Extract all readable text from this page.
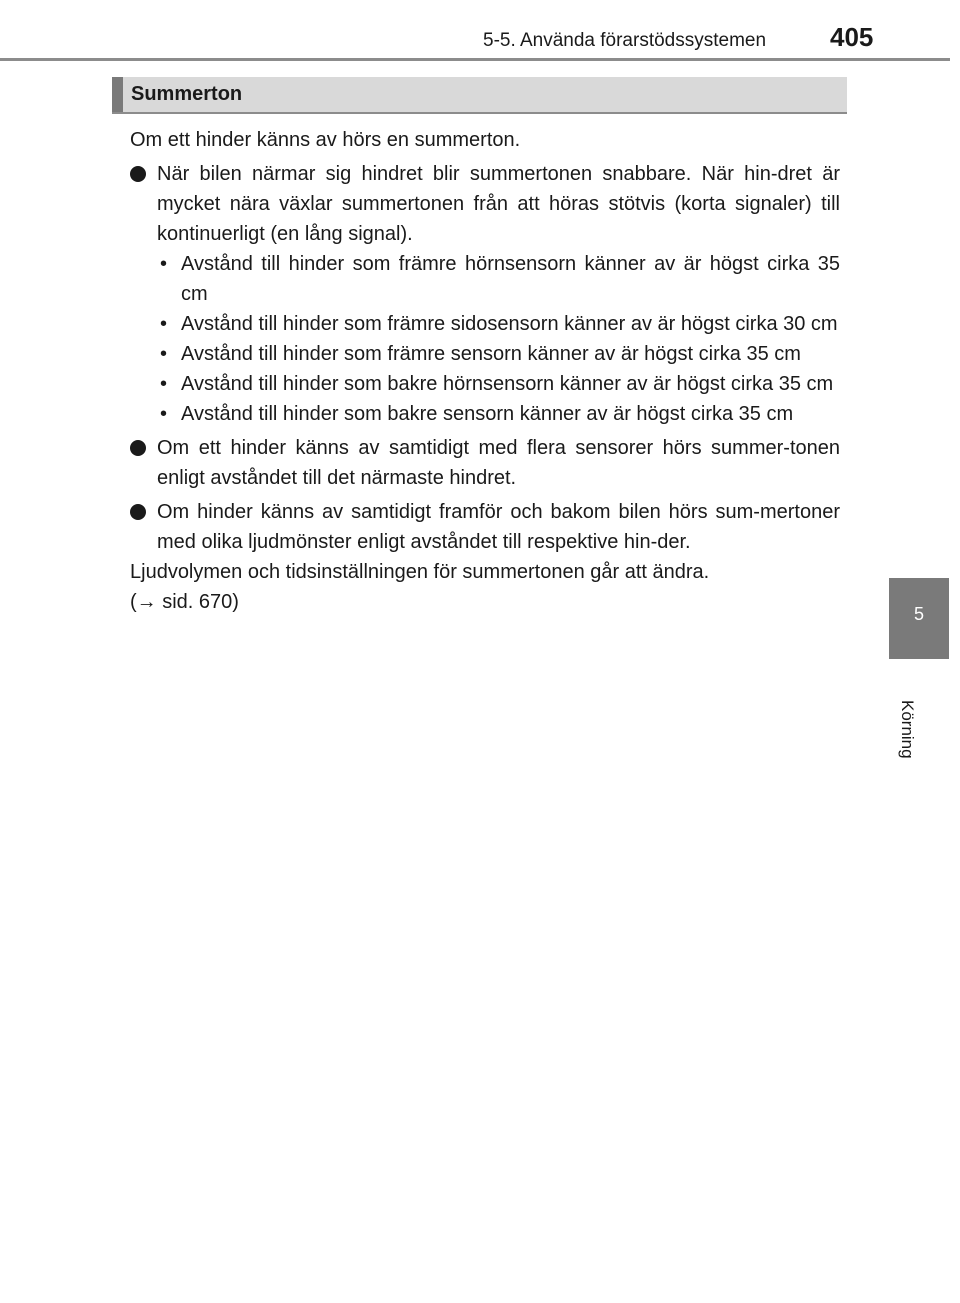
5-5. Använda förarstödssystemen 405
5
Körning
Summerton

Om ett hinder känns av hörs en summerton.

När bilen närmar sig hindret blir summertonen snabbare. När hin-dret är mycket nära växlar summertonen från att höras stötvis (korta signaler) till kontinuerligt (en lång signal).
• Avstånd till hinder som främre hörnsensorn känner av är högst cirka 35 cm
• Avstånd till hinder som främre sidosensorn känner av är högst cirka 30 cm
• Avstånd till hinder som främre sensorn känner av är högst cirka 35 cm
• Avstånd till hinder som bakre hörnsensorn känner av är högst cirka 35 cm
• Avstånd till hinder som bakre sensorn känner av är högst cirka 35 cm
Om ett hinder känns av samtidigt med flera sensorer hörs summer-tonen enligt avståndet till det närmaste hindret.
Om hinder känns av samtidigt framför och bakom bilen hörs sum-mertoner med olika ljudmönster enligt avståndet till respektive hin-der.

Ljudvolymen och tidsinställningen för summertonen går att ändra.
(→ sid. 670)
